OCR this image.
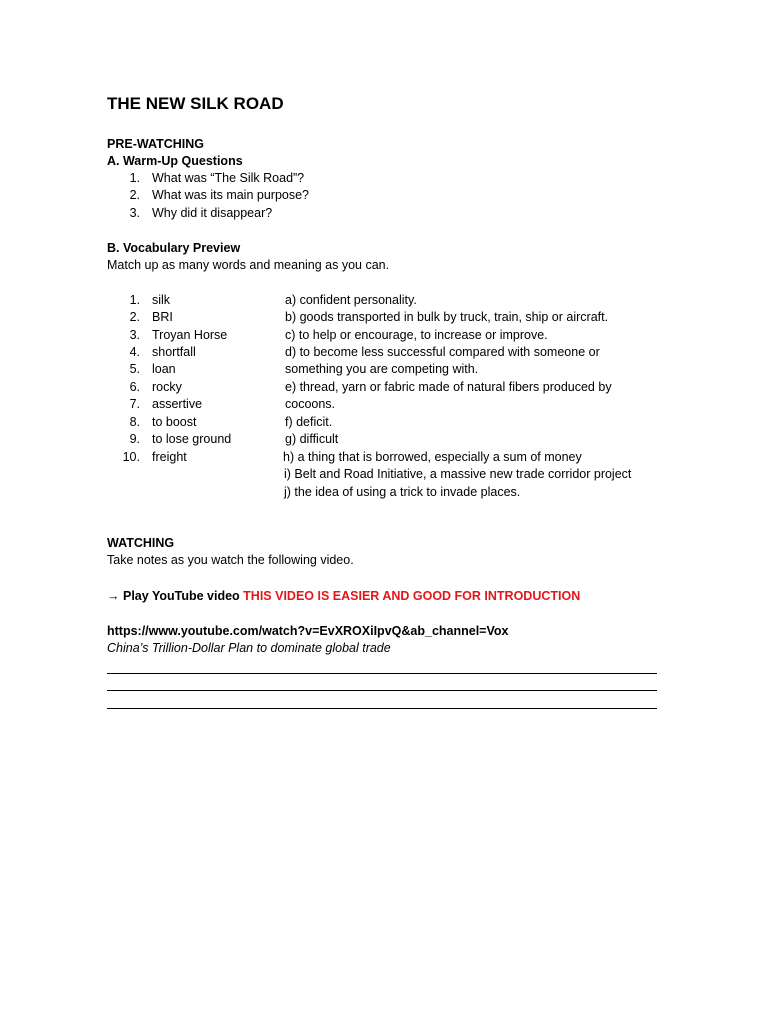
THE NEW SILK ROAD
PRE-WATCHING
A. Warm-Up Questions
1. What was “The Silk Road”?
2. What was its main purpose?
3. Why did it disappear?
B. Vocabulary Preview
Match up as many words and meaning as you can.
1. silk
2. BRI
3. Troyan Horse
4. shortfall
5. loan
6. rocky
7. assertive
8. to boost
9. to lose ground
10. freight
a) confident personality.
b) goods transported in bulk by truck, train, ship or aircraft.
c) to help or encourage, to increase or improve.
d) to become less successful compared with someone or
something you are competing with.
e) thread, yarn or fabric made of natural fibers produced by
cocoons.
f) deficit.
g) difficult
h) a thing that is borrowed, especially a sum of money
i) Belt and Road Initiative, a massive new trade corridor project
j) the idea of using a trick to invade places.
WATCHING
Take notes as you watch the following video.
→ Play YouTube video THIS VIDEO IS EASIER AND GOOD FOR INTRODUCTION
https://www.youtube.com/watch?v=EvXROXiIpvQ&ab_channel=Vox
China’s Trillion-Dollar Plan to dominate global trade
